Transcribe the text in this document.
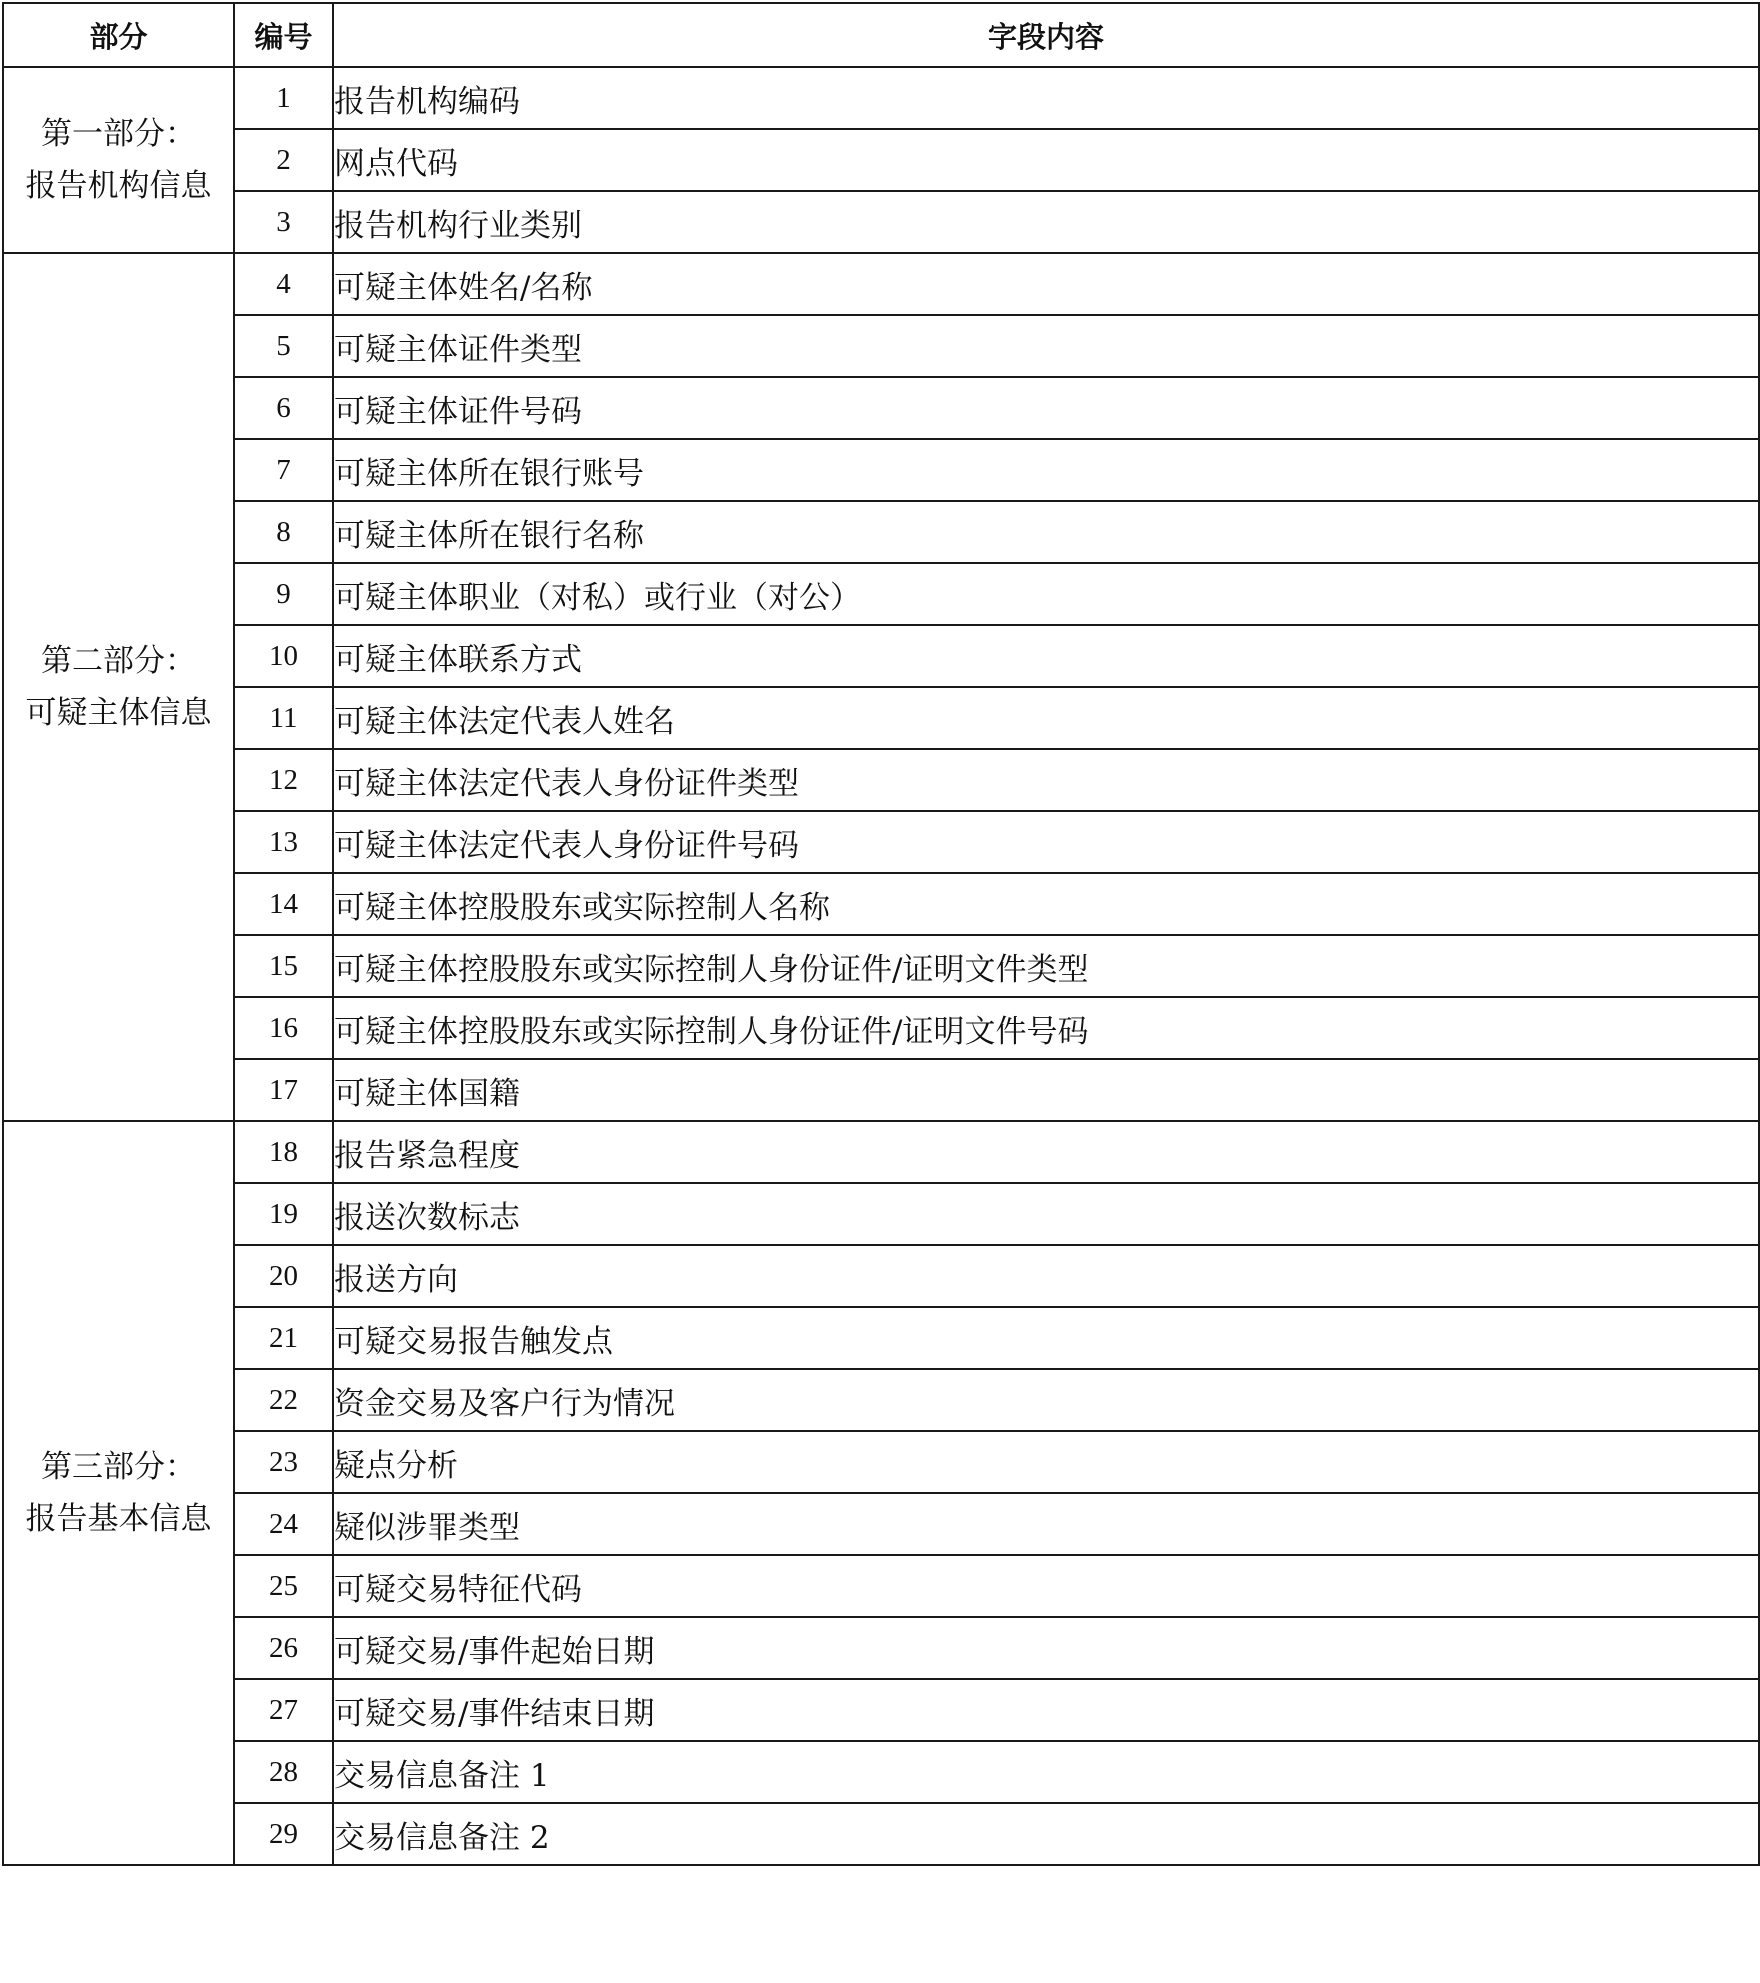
部分	编号	字段内容

第一部分：
报告机构信息	1	报告机构编码
	2	网点代码
	3	报告机构行业类别

第二部分：
可疑主体信息	4	可疑主体姓名/名称
	5	可疑主体证件类型
	6	可疑主体证件号码
	7	可疑主体所在银行账号
	8	可疑主体所在银行名称
	9	可疑主体职业（对私）或行业（对公）
	10	可疑主体联系方式
	11	可疑主体法定代表人姓名
	12	可疑主体法定代表人身份证件类型
	13	可疑主体法定代表人身份证件号码
	14	可疑主体控股股东或实际控制人名称
	15	可疑主体控股股东或实际控制人身份证件/证明文件类型
	16	可疑主体控股股东或实际控制人身份证件/证明文件号码
	17	可疑主体国籍

第三部分：
报告基本信息	18	报告紧急程度
	19	报送次数标志
	20	报送方向
	21	可疑交易报告触发点
	22	资金交易及客户行为情况
	23	疑点分析
	24	疑似涉罪类型
	25	可疑交易特征代码
	26	可疑交易/事件起始日期
	27	可疑交易/事件结束日期
	28	交易信息备注 1
	29	交易信息备注 2
